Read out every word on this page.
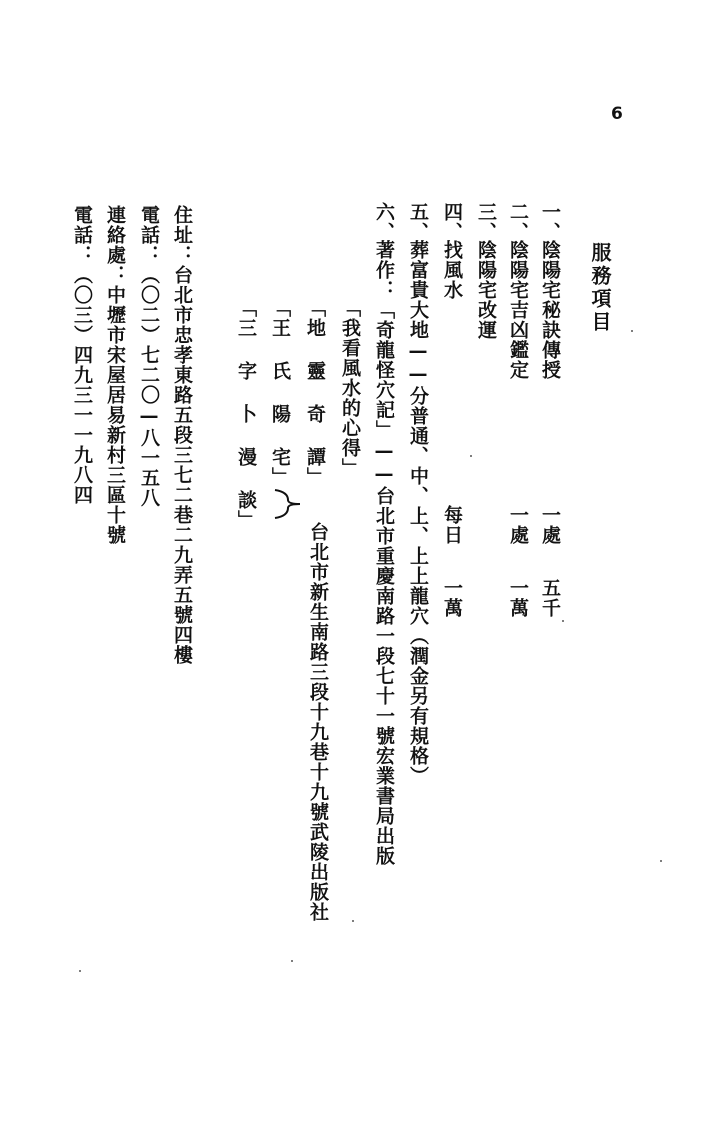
6
服務項目
一、
陰陽宅秘訣傳授
一處
五千
二、
陰陽宅吉凶鑑定
一處
一萬
三、
陰陽宅改運
每日
一萬
四、
找風水
五、
葬富貴大地——分普通、中、上、上上龍穴（潤金另有規格）
六、
著作：「奇龍怪穴記」——台北市重慶南路一段七十一號宏業書局出版
「我看風水的心得」
「地 靈 奇 譚」
「王 氏 陽 宅」
「三 字 卜 漫 談」
台北市新生南路三段十九巷十九號武陵出版社
住址：台北市忠孝東路五段三七二巷二九弄五號四樓
電話：（〇二）七二〇—八一五八
連絡處：中壢市宋屋居易新村三區十號
電話：（〇三）四九三一一九八四
